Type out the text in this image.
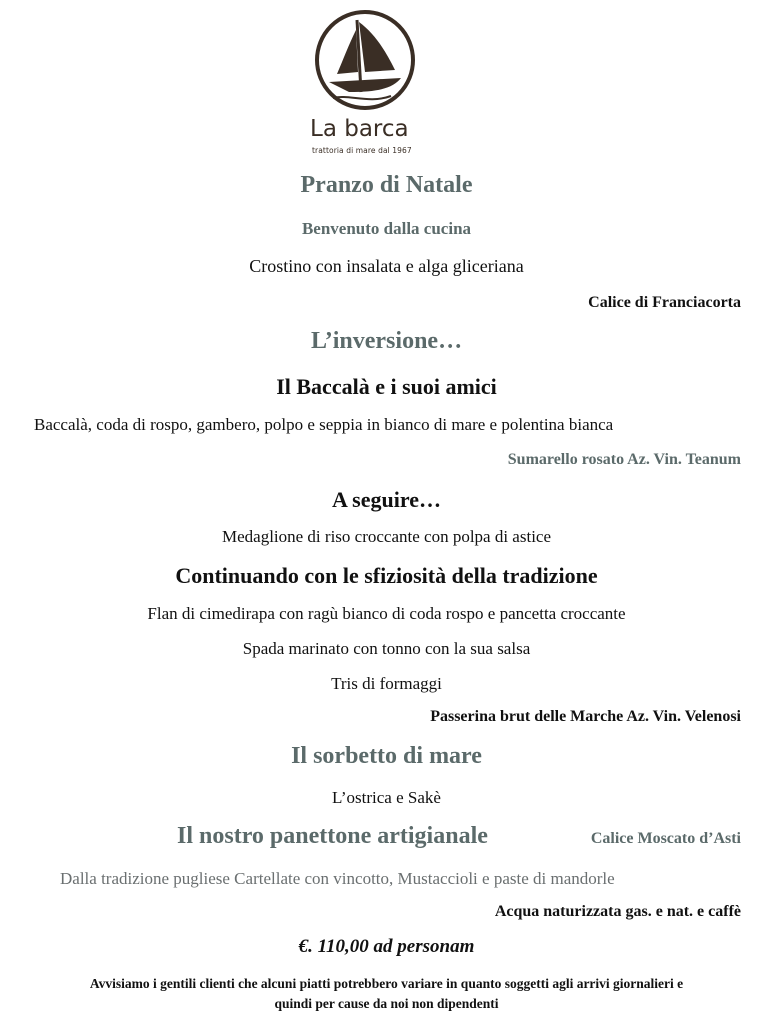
La barca
trattoria di mare dal 1967
Pranzo di Natale
Benvenuto dalla cucina
Crostino con insalata e alga gliceriana
Calice di Franciacorta
L’inversione…
Il Baccalà e i suoi amici
Baccalà, coda di rospo, gambero, polpo e seppia in bianco di mare e polentina bianca
Sumarello rosato Az. Vin. Teanum
A seguire…
Medaglione di riso croccante con polpa di astice
Continuando con le sfiziosità della tradizione
Flan di cimedirapa con ragù bianco di coda rospo e pancetta croccante
Spada marinato con tonno con la sua salsa
Tris di formaggi
Passerina brut delle Marche Az. Vin. Velenosi
Il sorbetto di mare
L’ostrica e Sakè
Il nostro panettone artigianale	Calice Moscato d’Asti
Dalla tradizione pugliese Cartellate con vincotto, Mustaccioli e paste di mandorle
Acqua naturizzata gas. e nat. e caffè
€. 110,00 ad personam
Avvisiamo i gentili clienti che alcuni piatti potrebbero variare in quanto soggetti agli arrivi giornalieri e
quindi per cause da noi non dipendenti
